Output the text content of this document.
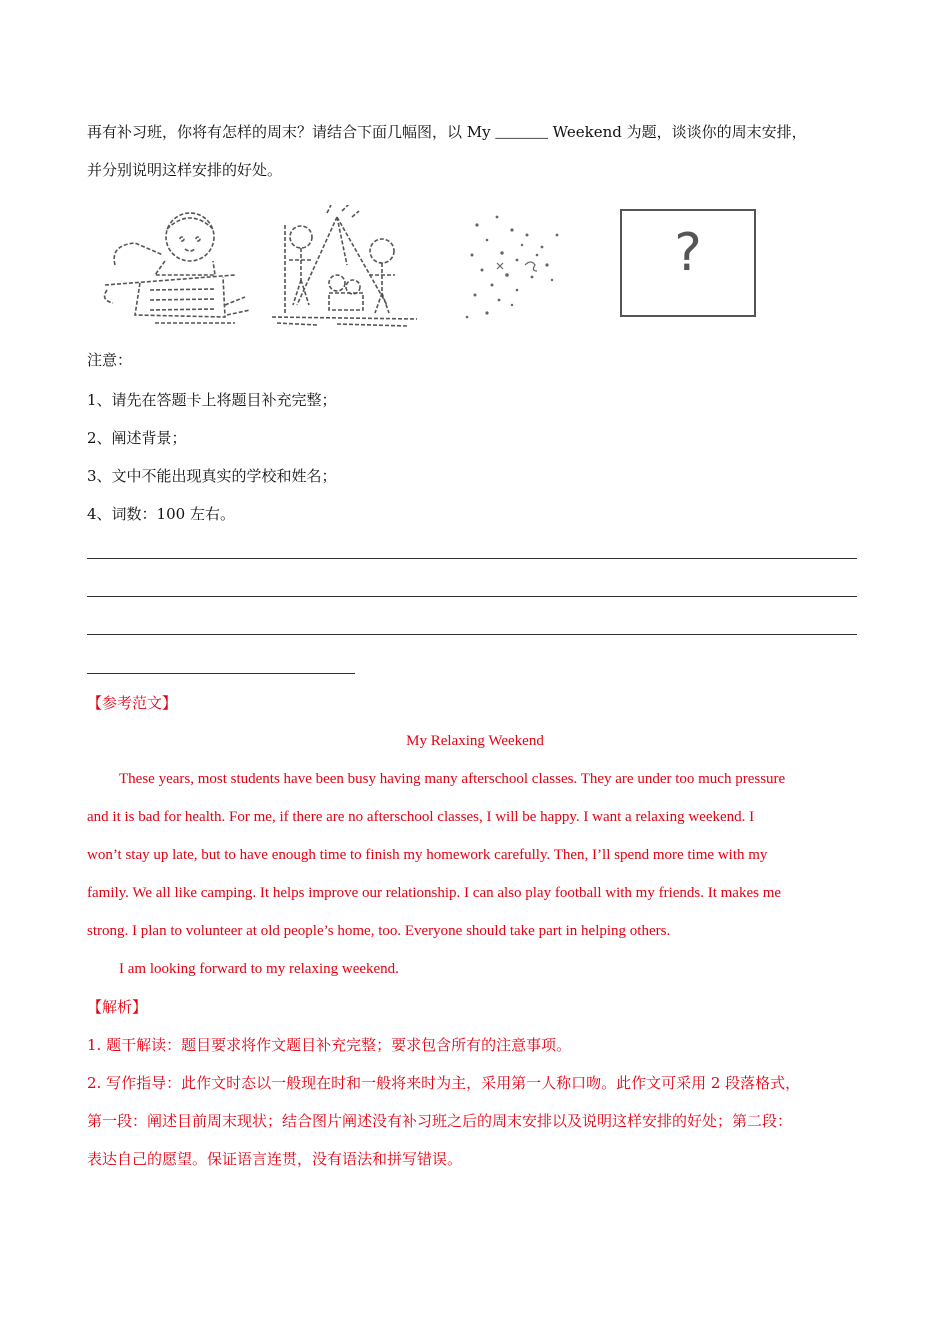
再有补习班，你将有怎样的周末？请结合下面几幅图，以 My _______ Weekend 为题，谈谈你的周末安排，
并分别说明这样安排的好处。
?
注意：
1、请先在答题卡上将题目补充完整；
2、阐述背景；
3、文中不能出现真实的学校和姓名；
4、词数：100 左右。
【参考范文】
My Relaxing Weekend
These years, most students have been busy having many afterschool classes. They are under too much pressure
and it is bad for health. For me, if there are no afterschool classes, I will be happy. I want a relaxing weekend. I
won’t stay up late, but to have enough time to finish my homework carefully. Then, I’ll spend more time with my
family. We all like camping. It helps improve our relationship. I can also play football with my friends. It makes me
strong. I plan to volunteer at old people’s home, too. Everyone should take part in helping others.
I am looking forward to my relaxing weekend.
【解析】
1. 题干解读：题目要求将作文题目补充完整；要求包含所有的注意事项。
2. 写作指导：此作文时态以一般现在时和一般将来时为主，采用第一人称口吻。此作文可采用 2 段落格式，
第一段：阐述目前周末现状；结合图片阐述没有补习班之后的周末安排以及说明这样安排的好处；第二段：
表达自己的愿望。保证语言连贯，没有语法和拼写错误。
